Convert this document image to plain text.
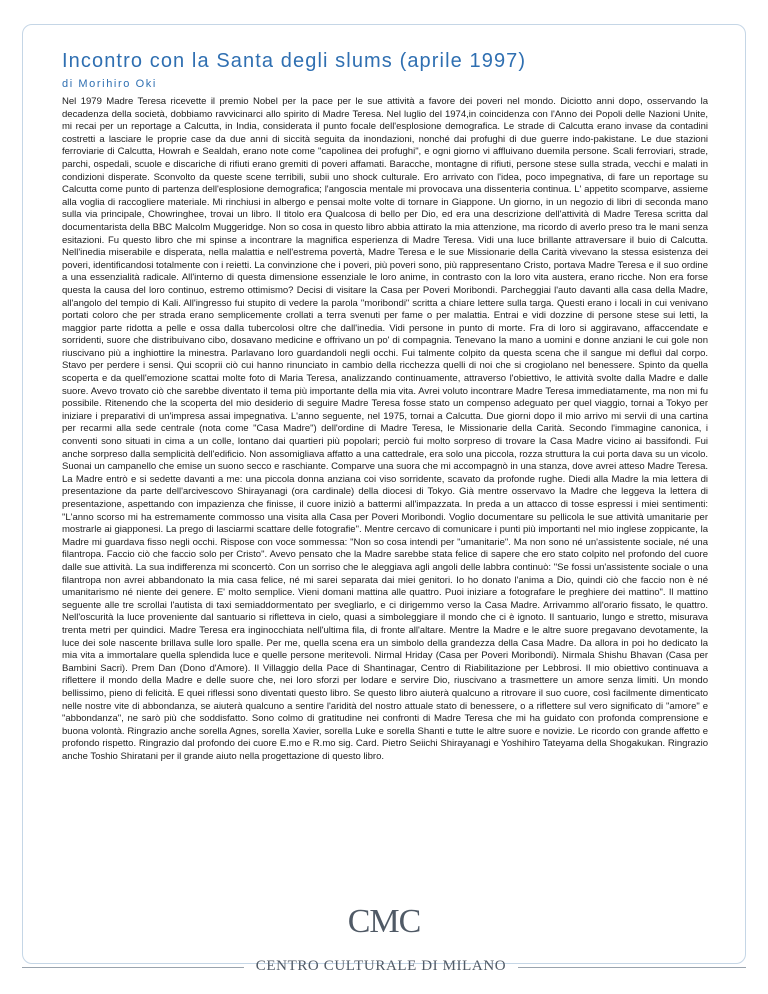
Incontro con la Santa degli slums (aprile 1997)

di Morihiro Oki

Nel 1979 Madre Teresa ricevette il premio Nobel per la pace per le sue attività a favore dei poveri nel mondo. Diciotto anni dopo, osservando la decadenza della società, dobbiamo ravvicinarci allo spirito di Madre Teresa. Nel luglio del 1974,in coincidenza con l'Anno dei Popoli delle Nazioni Unite, mi recai per un reportage a Calcutta, in India, considerata il punto focale dell'esplosione demografica. Le strade di Calcutta erano invase da contadini costretti a lasciare le proprie case da due anni di siccità seguita da inondazioni, nonché dai profughi di due guerre indo-pakistane. Le due stazioni ferroviarie di Calcutta, Howrah e Sealdah, erano note come "capolinea dei profughi", e ogni giorno vi affluivano duemila persone. Scali ferroviari, strade, parchi, ospedali, scuole e discariche di rifiuti erano gremiti di poveri affamati. Baracche, montagne di rifiuti, persone stese sulla strada, vecchi e malati in condizioni disperate. Sconvolto da queste scene terribili, subii uno shock culturale. Ero arrivato con l'idea, poco impegnativa, di fare un reportage su Calcutta come punto di partenza dell'esplosione demografica; l'angoscia mentale mi provocava una dissenteria continua. L' appetito scomparve, assieme alla voglia di raccogliere materiale. Mi rinchiusi in albergo e pensai molte volte di tornare in Giappone. Un giorno, in un negozio di libri di seconda mano sulla via principale, Chowringhee, trovai un libro. Il titolo era Qualcosa di bello per Dio, ed era una descrizione dell'attività di Madre Teresa scritta dal documentarista della BBC Malcolm Muggeridge. Non so cosa in questo libro abbia attirato la mia attenzione, ma ricordo di averlo preso tra le mani senza esitazioni. Fu questo libro che mi spinse a incontrare la magnifica esperienza di Madre Teresa. Vidi una luce brillante attraversare il buio di Calcutta. Nell'inedia miserabile e disperata, nella malattia e nell'estrema povertà, Madre Teresa e le sue Missionarie della Carità vivevano la stessa esistenza dei poveri, identificandosi totalmente con i reietti. La convinzione che i poveri, più poveri sono, più rappresentano Cristo, portava Madre Teresa e il suo ordine a una essenzialità radicale. All'interno di questa dimensione essenziale le loro anime, in contrasto con la loro vita austera, erano ricche. Non era forse questa la causa del loro continuo, estremo ottimismo? Decisi di visitare la Casa per Poveri Moribondi. Parcheggiai l'auto davanti alla casa della Madre, all'angolo del tempio di Kali. All'ingresso fui stupito di vedere la parola "moribondi" scritta a chiare lettere sulla targa. Questi erano i locali in cui venivano portati coloro che per strada erano semplicemente crollati a terra svenuti per fame o per malattia. Entrai e vidi dozzine di persone stese sui letti, la maggior parte ridotta a pelle e ossa dalla tubercolosi oltre che dall'inedia. Vidi persone in punto di morte. Fra di loro si aggiravano, affaccendate e sorridenti, suore che distribuivano cibo, dosavano medicine e offrivano un po' di compagnia. Tenevano la mano a uomini e donne anziani le cui gole non riuscivano più a inghiottire la minestra. Parlavano loro guardandoli negli occhi. Fui talmente colpito da questa scena che il sangue mi defluì dal corpo. Stavo per perdere i sensi. Qui scoprii ciò cui hanno rinunciato in cambio della ricchezza quelli di noi che si crogiolano nel benessere. Spinto da quella scoperta e da quell'emozione scattai molte foto di Maria Teresa, analizzando continuamente, attraverso l'obiettivo, le attività svolte dalla Madre e dalle suore. Avevo trovato ciò che sarebbe diventato il tema più importante della mia vita. Avrei voluto incontrare Madre Teresa immediatamente, ma non mi fu possibile. Ritenendo che la scoperta del mio desiderio di seguire Madre Teresa fosse stato un compenso adeguato per quel viaggio, tornai a Tokyo per iniziare i preparativi di un'impresa assai impegnativa. L'anno seguente, nel 1975, tornai a Calcutta. Due giorni dopo il mio arrivo mi servii di una cartina per recarmi alla sede centrale (nota come "Casa Madre") dell'ordine di Madre Teresa, le Missionarie della Carità. Secondo l'immagine canonica, i conventi sono situati in cima a un colle, lontano dai quartieri più popolari; perciò fui molto sorpreso di trovare la Casa Madre vicino ai bassifondi. Fui anche sorpreso dalla semplicità dell'edificio. Non assomigliava affatto a una cattedrale, era solo una piccola, rozza struttura la cui porta dava su un vicolo. Suonai un campanello che emise un suono secco e raschiante. Comparve una suora che mi accompagnò in una stanza, dove avrei atteso Madre Teresa. La Madre entrò e si sedette davanti a me: una piccola donna anziana coi viso sorridente, scavato da profonde rughe. Diedi alla Madre la mia lettera di presentazione da parte dell'arcivescovo Shirayanagi (ora cardinale) della diocesi di Tokyo. Già mentre osservavo la Madre che leggeva la lettera di presentazione, aspettando con impazienza che finisse, il cuore iniziò a battermi all'impazzata. In preda a un attacco di tosse espressi i miei sentimenti: "L'anno scorso mi ha estremamente commosso una visita alla Casa per Poveri Moribondi. Voglio documentare su pellicola le sue attività umanitarie per mostrarle ai giapponesi. La prego di lasciarmi scattare delle fotografie". Mentre cercavo di comunicare i punti più importanti nel mio inglese zoppicante, la Madre mi guardava fisso negli occhi. Rispose con voce sommessa: "Non so cosa intendi per "umanitarie". Ma non sono né un'assistente sociale, né una filantropa. Faccio ciò che faccio solo per Cristo". Avevo pensato che la Madre sarebbe stata felice di sapere che ero stato colpito nel profondo del cuore dalle sue attività. La sua indifferenza mi sconcertò. Con un sorriso che le aleggiava agli angoli delle labbra continuò: "Se fossi un'assistente sociale o una filantropa non avrei abbandonato la mia casa felice, né mi sarei separata dai miei genitori. Io ho donato l'anima a Dio, quindi ciò che faccio non è né umanitarismo né niente dei genere. E' molto semplice. Vieni domani mattina alle quattro. Puoi iniziare a fotografare le preghiere dei mattino". Il mattino seguente alle tre scrollai l'autista di taxi semiaddormentato per svegliarlo, e ci dirigemmo verso la Casa Madre. Arrivammo all'orario fissato, le quattro. Nell'oscurità la luce proveniente dal santuario si rifletteva in cielo, quasi a simboleggiare il mondo che ci è ignoto. Il santuario, lungo e stretto, misurava trenta metri per quindici. Madre Teresa era inginocchiata nell'ultima fila, di fronte all'altare. Mentre la Madre e le altre suore pregavano devotamente, la luce dei sole nascente brillava sulle loro spalle. Per me, quella scena era un simbolo della grandezza della Casa Madre. Da allora in poi ho dedicato la mia vita a immortalare quella splendida luce e quelle persone meritevoli. Nirmal Hriday (Casa per Poveri Moribondi). Nirmala Shishu Bhavan (Casa per Bambini Sacri). Prem Dan (Dono d'Amore). Il Villaggio della Pace di Shantinagar, Centro di Riabilitazione per Lebbrosi. Il mio obiettivo continuava a riflettere il mondo della Madre e delle suore che, nei loro sforzi per lodare e servire Dio, riuscivano a trasmettere un amore senza limiti. Un mondo bellissimo, pieno di felicità. E quei riflessi sono diventati questo libro. Se questo libro aiuterà qualcuno a ritrovare il suo cuore, così facilmente dimenticato nelle nostre vite di abbondanza, se aiuterà qualcuno a sentire l'aridità del nostro attuale stato di benessere, o a riflettere sul vero significato di "amore" e "abbondanza", ne sarò più che soddisfatto. Sono colmo di gratitudine nei confronti di Madre Teresa che mi ha guidato con profonda comprensione e buona volontà. Ringrazio anche sorella Agnes, sorella Xavier, sorella Luke e sorella Shanti e tutte le altre suore e novizie. Le ricordo con grande affetto e profondo rispetto. Ringrazio dal profondo dei cuore E.mo e R.mo sig. Card. Pietro Seiichi Shirayanagi e Yoshihiro Tateyama della Shogakukan. Ringrazio anche Toshio Shiratani per il grande aiuto nella progettazione di questo libro.

CMC
CENTRO CULTURALE DI MILANO
